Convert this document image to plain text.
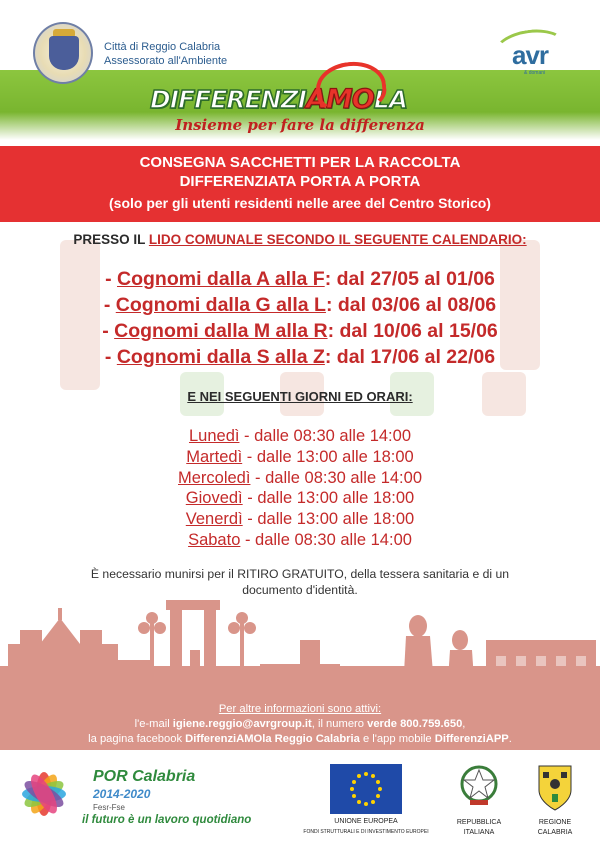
Città di Reggio Calabria
Assessorato all'Ambiente	avr
& domani
DIFFERENZIAMOLA
Insieme per fare la differenza
CONSEGNA SACCHETTI PER LA RACCOLTA
DIFFERENZIATA PORTA A PORTA
(solo per gli utenti residenti nelle aree del Centro Storico)
PRESSO IL LIDO COMUNALE SECONDO IL SEGUENTE CALENDARIO:
- Cognomi dalla A alla F: dal 27/05 al 01/06
- Cognomi dalla G alla L: dal 03/06 al 08/06
- Cognomi dalla M alla R: dal 10/06 al 15/06
- Cognomi dalla S alla Z: dal 17/06 al 22/06
E NEI SEGUENTI GIORNI ED ORARI:
Lunedì - dalle 08:30 alle 14:00
Martedì - dalle 13:00 alle 18:00
Mercoledì - dalle 08:30 alle 14:00
Giovedì - dalle 13:00 alle 18:00
Venerdì - dalle 13:00 alle 18:00
Sabato - dalle 08:30 alle 14:00
È necessario munirsi per il RITIRO GRATUITO, della tessera sanitaria e di un documento d'identità.
Per altre informazioni sono attivi:
l'e-mail igiene.reggio@avrgroup.it, il numero verde 800.759.650,
la pagina facebook DifferenziAMOla Reggio Calabria e l'app mobile DifferenziAPP.
POR Calabria
2014-2020
Fesr-Fse
il futuro è un lavoro quotidiano	UNIONE EUROPEA
FONDI STRUTTURALI E DI INVESTIMENTO EUROPEI
REPUBBLICA
ITALIANA
REGIONE
CALABRIA
